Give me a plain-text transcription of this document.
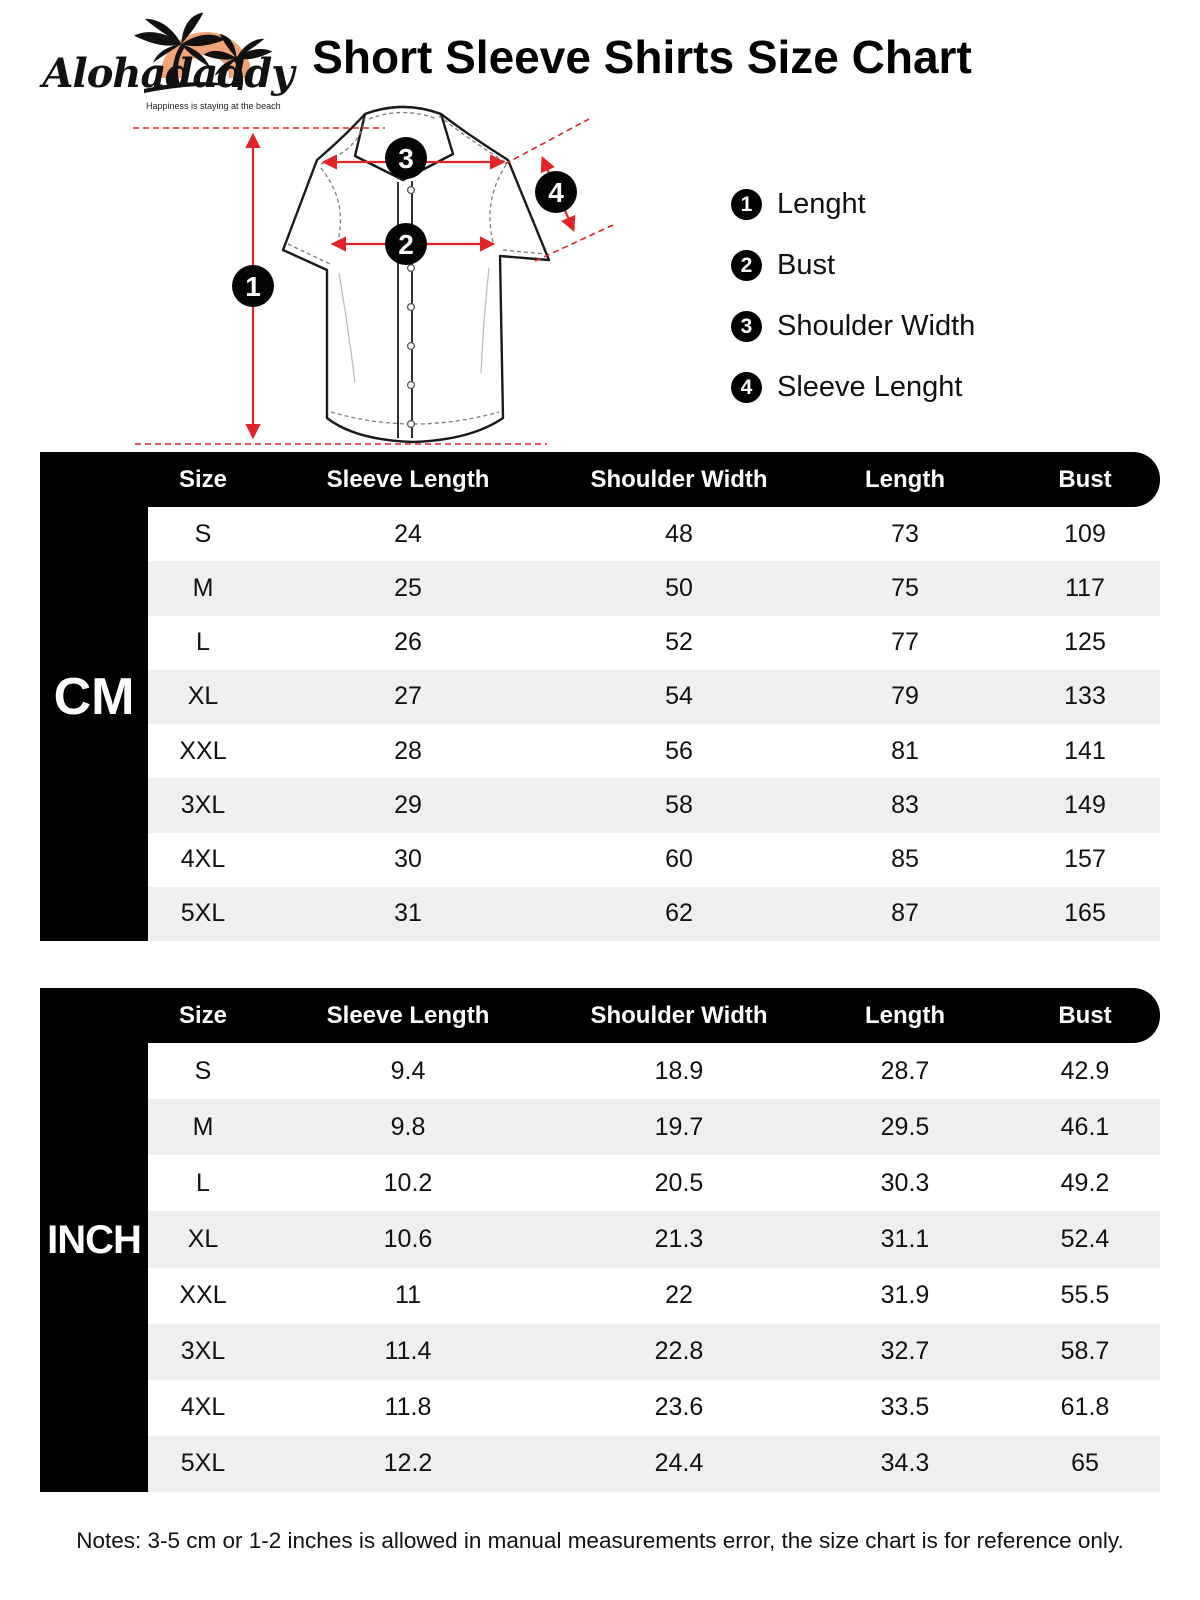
Alohadaddy
Happiness is staying at the beach
Short Sleeve Shirts Size Chart
1
2
3
4	1 Lenght
2 Bust
3 Shoulder Width
4 Sleeve Lenght
Size	Sleeve Length	Shoulder Width	Length	Bust
CM
S	24	48	73	109
M	25	50	75	117
L	26	52	77	125
XL	27	54	79	133
XXL	28	56	81	141
3XL	29	58	83	149
4XL	30	60	85	157
5XL	31	62	87	165
Size	Sleeve Length	Shoulder Width	Length	Bust
INCH
S	9.4	18.9	28.7	42.9
M	9.8	19.7	29.5	46.1
L	10.2	20.5	30.3	49.2
XL	10.6	21.3	31.1	52.4
XXL	11	22	31.9	55.5
3XL	11.4	22.8	32.7	58.7
4XL	11.8	23.6	33.5	61.8
5XL	12.2	24.4	34.3	65
Notes: 3-5 cm or 1-2 inches is allowed in manual measurements error, the size chart is for reference only.
